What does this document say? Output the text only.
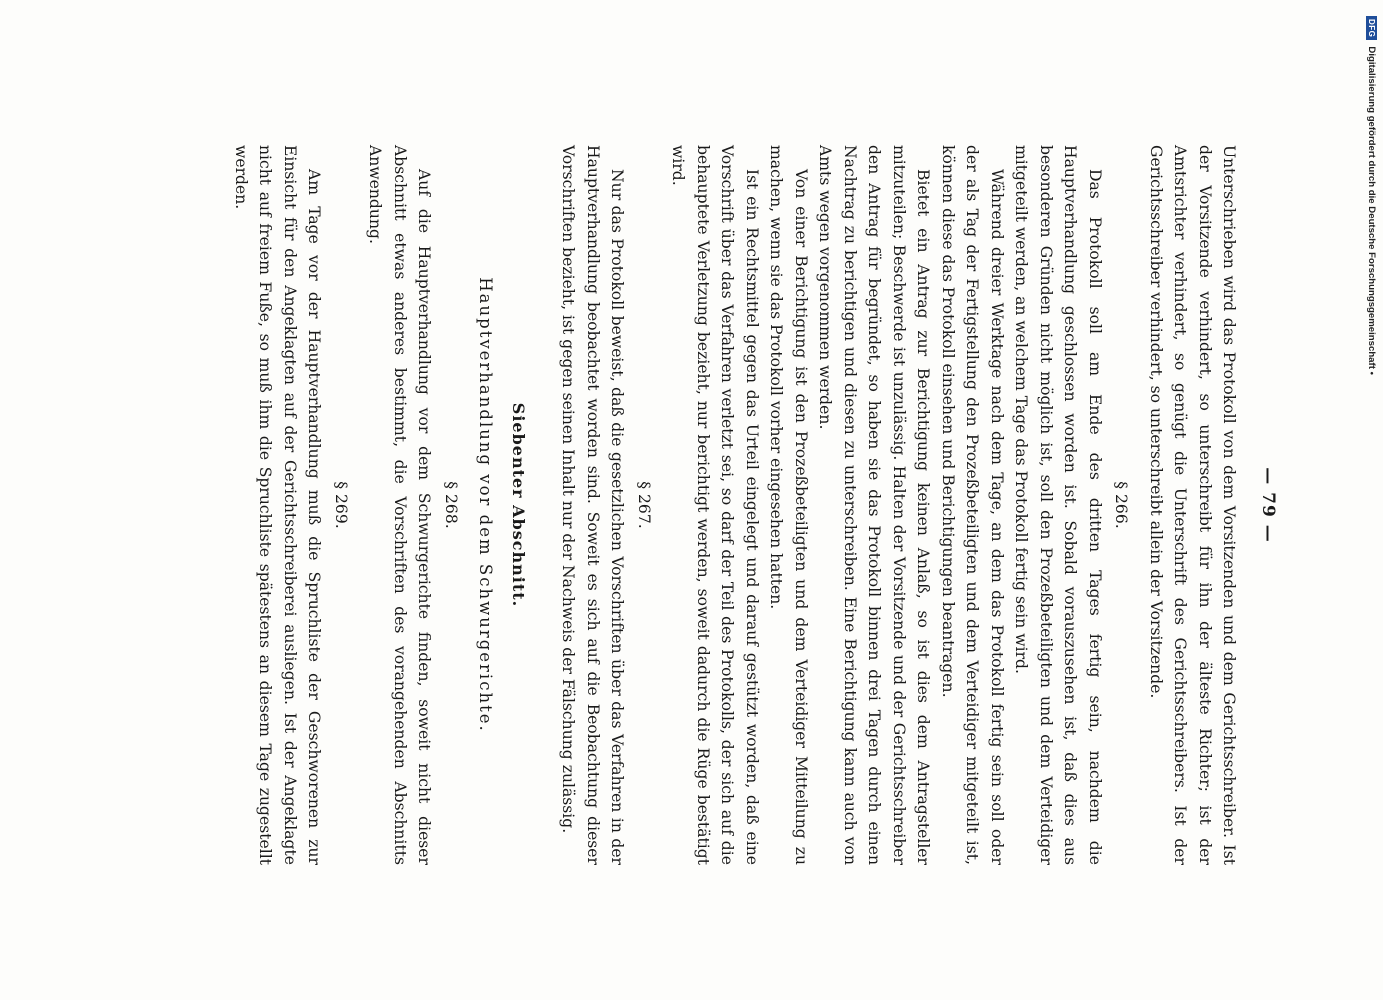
— 79 —

Unterschrieben wird das Protokoll von dem Vorsitzenden und dem Gerichtsschreiber. Ist der Vorsitzende verhindert, so unterschreibt für ihn der älteste Richter; ist der Amtsrichter verhindert, so genügt die Unterschrift des Gerichtsschreibers. Ist der Gerichtsschreiber verhindert, so unterschreibt allein der Vorsitzende.

§ 266.

Das Protokoll soll am Ende des dritten Tages fertig sein, nachdem die Hauptverhandlung geschlossen worden ist. Sobald vorauszusehen ist, daß dies aus besonderen Gründen nicht möglich ist, soll den Prozeßbeteiligten und dem Verteidiger mitgeteilt werden, an welchem Tage das Protokoll fertig sein wird.

Während dreier Werktage nach dem Tage, an dem das Protokoll fertig sein soll oder der als Tag der Fertigstellung den Prozeßbeteiligten und dem Verteidiger mitgeteilt ist, können diese das Protokoll einsehen und Berichtigungen beantragen.

Bietet ein Antrag zur Berichtigung keinen Anlaß, so ist dies dem Antragsteller mitzuteilen; Beschwerde ist unzulässig. Halten der Vorsitzende und der Gerichtsschreiber den Antrag für begründet, so haben sie das Protokoll binnen drei Tagen durch einen Nachtrag zu berichtigen und diesen zu unterschreiben. Eine Berichtigung kann auch von Amts wegen vorgenommen werden.

Von einer Berichtigung ist den Prozeßbeteiligten und dem Verteidiger Mitteilung zu machen, wenn sie das Protokoll vorher eingesehen hatten.

Ist ein Rechtsmittel gegen das Urteil eingelegt und darauf gestützt worden, daß eine Vorschrift über das Verfahren verletzt sei, so darf der Teil des Protokolls, der sich auf die behauptete Verletzung bezieht, nur berichtigt werden, soweit dadurch die Rüge bestätigt wird.

§ 267.

Nur das Protokoll beweist, daß die gesetzlichen Vorschriften über das Verfahren in der Hauptverhandlung beobachtet worden sind. Soweit es sich auf die Beobachtung dieser Vorschriften bezieht, ist gegen seinen Inhalt nur der Nachweis der Fälschung zulässig.

Siebenter Abschnitt.
Hauptverhandlung vor dem Schwurgerichte.
§ 268.

Auf die Hauptverhandlung vor dem Schwurgerichte finden, soweit nicht dieser Abschnitt etwas anderes bestimmt, die Vorschriften des vorangehenden Abschnitts Anwendung.

§ 269.

Am Tage vor der Hauptverhandlung muß die Spruchliste der Geschworenen zur Einsicht für den Angeklagten auf der Gerichtsschreiberei ausliegen. Ist der Angeklagte nicht auf freiem Fuße, so muß ihm die Spruchliste spätestens an diesem Tage zugestellt werden.

DFG
Digitalisierung gefördert durch die Deutsche Forschungsgemeinschaft •
